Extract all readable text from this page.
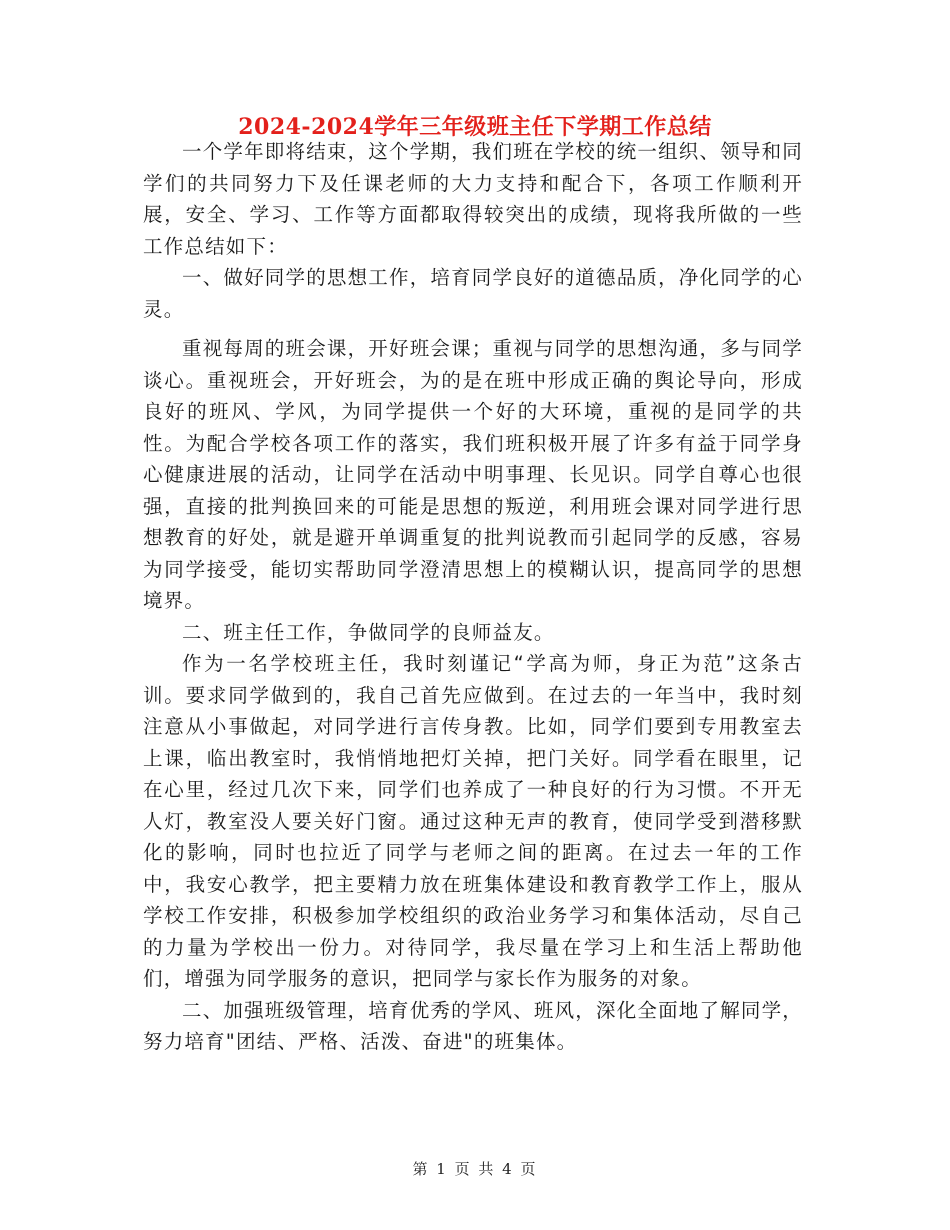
2024-2024学年三年级班主任下学期工作总结

一个学年即将结束，这个学期，我们班在学校的统一组织、领导和同学们的共同努力下及任课老师的大力支持和配合下，各项工作顺利开展，安全、学习、工作等方面都取得较突出的成绩，现将我所做的一些工作总结如下：

一、做好同学的思想工作，培育同学良好的道德品质，净化同学的心灵。

重视每周的班会课，开好班会课；重视与同学的思想沟通，多与同学谈心。重视班会，开好班会，为的是在班中形成正确的舆论导向，形成良好的班风、学风，为同学提供一个好的大环境，重视的是同学的共性。为配合学校各项工作的落实，我们班积极开展了许多有益于同学身心健康进展的活动，让同学在活动中明事理、长见识。同学自尊心也很强，直接的批判换回来的可能是思想的叛逆，利用班会课对同学进行思想教育的好处，就是避开单调重复的批判说教而引起同学的反感，容易为同学接受，能切实帮助同学澄清思想上的模糊认识，提高同学的思想境界。

二、班主任工作，争做同学的良师益友。

作为一名学校班主任，我时刻谨记“学高为师，身正为范”这条古训。要求同学做到的，我自己首先应做到。在过去的一年当中，我时刻注意从小事做起，对同学进行言传身教。比如，同学们要到专用教室去上课，临出教室时，我悄悄地把灯关掉，把门关好。同学看在眼里，记在心里，经过几次下来，同学们也养成了一种良好的行为习惯。不开无人灯，教室没人要关好门窗。通过这种无声的教育，使同学受到潜移默化的影响，同时也拉近了同学与老师之间的距离。在过去一年的工作中，我安心教学，把主要精力放在班集体建设和教育教学工作上，服从学校工作安排，积极参加学校组织的政治业务学习和集体活动，尽自己的力量为学校出一份力。对待同学，我尽量在学习上和生活上帮助他们，增强为同学服务的意识，把同学与家长作为服务的对象。

二、加强班级管理，培育优秀的学风、班风，深化全面地了解同学，努力培育"团结、严格、活泼、奋进"的班集体。

第 1 页 共 4 页
